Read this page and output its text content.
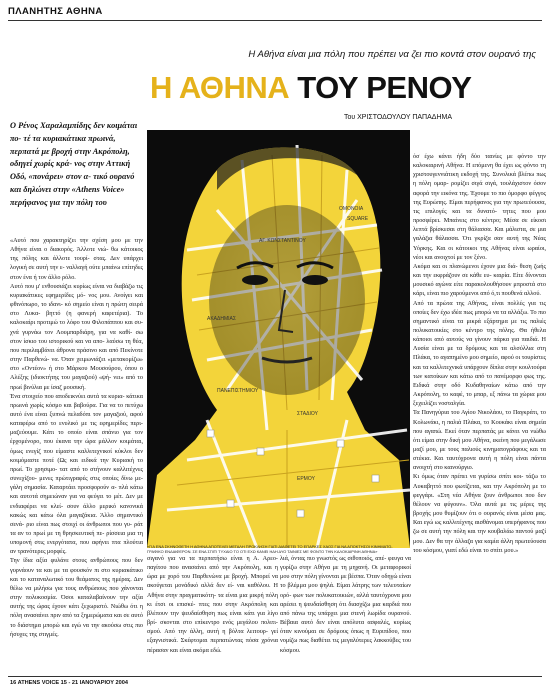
ΠΛΑΝΗΤΗΣ ΑΘΗΝΑ
Η Αθήνα είναι μια πόλη που πρέπει να ζει πιο κοντά στον ουρανό της
Η ΑΘΗΝΑ ΤΟΥ ΡΕΝΟΥ
Του ΧΡΙΣΤΟΔΟΥΛΟΥ ΠΑΠΑΔΗΜΑ
Ο Ρένος Χαραλαμπίδης δεν κοιμάται πο- τέ τα κυριακάτικα πρωινά, περπατά με βροχή στην Ακρόπολη, οδηγεί χωρίς κρά- νος στην Αττική Οδό, «πονάρει» στον α- τικό ουρανό και δηλώνει στην «Athens Voice» περήφανος για την πόλη του

«Αυτό που χαρακτηρίζει την σχέση μου με την Αθήνα είναι ο διακορός. Άλλοτε νιώ- θω κάτοικος της πόλης και άλλοτε τουρί- στας. Δεν υπάρχει λογική σε αυτή την ε- ναλλαγή ούτε μπαίνω επίτηδες στον ένα ή τον άλλο ρόλο.

Αυτό που μ' ενθουσιάζει κυρίως είναι να διαβάζω τις κυριακάτικες εφημερίδες μό- νος μου. Ανοίγει και φθινόπωρο, το ιδανι- κό σημείο είναι η πρώτη σειρά στο Λυκα- βηττό (η φανερή καφετέρια). Το καλοκαίρι προτιμώ το λόφο του Φιλοπάππου και συ- χνά γυρνάω τον Λουμπαρδιάρη, για να καθί- σω στον ίσκιο του ιστορικού και να απο- λαύσω τη θέα, που περιλαμβάνει άθρονα πράσινο και από Πεκίνοτε στην Παρθενώ- να. Όταν χειμωνιάζει «μετακομίζω» στο «Οντέον» ή στο Μάρκου Μουσούρου, όπου ο Αλέξης (ιδιοκτήτης του μαγαζιού) «ψή- νει» από το πρωί βινύλια με ίσαζ μουσική.

Ένα στοιχείο που αποδεικνύει αυτά τα κυρια- κάτικα πρωινά χωρίς κόσμο και βαβούρα. Για να το πετύχω αυτό ένα είναι ξυπνώ πελαδόπι τον μαγαζιού, αφού καταφέρω από το ενυλικό με τις εφημερίδες περι- μαζεύουμε. Κάτι το οποίο είναι σπάνιο για τον έρχομένορο, που έκανα την ώρα μάλλον κοιμάται, όμως ενεγίζ που είμαστε καλλιτεχνικοί κύκλοι δεν κοιμόμαστε ποτέ (Ως και ειδικά την Κυριακή το πρωί. Το χρησιμο- τατ από το στήνουν καλλιτέχνες συνεχίζου- μενες πρώτιγραφές στις οποίες δίνω με- γάλη σημασία. Καταρτάει προσφορούν α- πλά κάτω και αυτοτά σημειώναν για να φεύγει το μέτ. Δεν με ενδιαφέρει να κλεί- σουν άλλο μερικό κανονικά κακώς και κάτω όλα μαγαζάκια. Άλλο σημαντικό σενά- ριο είναι πως στοιχί οι άνθρωποι που γυ- ράτ τα αν το πρωί με τη θρησκευτική πε- ρίσσεια μια τη υπομονή στις ενεργότατα, που αφήνει πτα πλούτια αν τρανότερες μορφές.

Την ίδια αξία φυλάνε στους ανθρώπους που δεν γυρνάουν τα και με τα φουσκόν πι στο κυριακάτικο και το καταναλωτικό του θεάματος της ημέρας. Δεν θέλω να μιλήσω για τους ανθρώπους που χάνονται στην πολυκοσμία. Όσοι καταλαβαίνουν την αξία αυτής της ώρας έχουν κάτι ξεχωριστό. Νιώθω ότι η πόλη ανασαίνει πριν από τα ξημερώματα και σε αυτό το διάστημα μπορώ και εγώ να την ακούσω στις πιο ήσυχες της στιγμές.

ΑΓ. ΚΩΝΣΤΑΝΤΙΝΟΥ
ΑΚΑΔΗΜΙΑΣ
ΠΑΝΕΠΙΣΤΗΜΙΟΥ
ΣΤΑΔΙΟΥ
ΕΡΜΟΥ
ΟΜΟΝΟΙΑ
SQUARE
«ΓΙΑ ΕΝΑ ΣΚΗΝΟΘΕΤΗ Η ΑΘΗΝΑ ΑΠΟΤΕΛΕΙ ΜΕΓΑΛΗ ΠΡΟΚΛΗΣΗ ΓΙΑΤΙ ΔΙΑΘΕΤΕΙ ΤΟ ΕΠΑΡΚΕΣ ΧΑΟΣ ΓΙΑ ΝΑ ΑΠΟΚΤΗΣΟΙ ΚΙΝΗΜΑΤΟ- ΓΡΑΦΙΚΟ ΕΝΔΙΑΦΕΡΟΝ. ΣΕ ΕΝΑ ΣΠΙΤΙ ΤΥΧΑΙΟ ΤΟ ΟΤΙ ΕΧΩ ΚΑΝΕΙ ΗΔΗ ΔΥΟ ΤΑΙΝΙΕΣ ΜΕ ΦΟΝΤΟ ΤΗΝ ΚΑΛΟΚΑΙΡΙΝΗ ΑΘΗΝΑ»
σιγανό για να τα περπατήσω είναι η Α. Αρεο- παγίτου που ανασαίνει από την Ακρόπολη, και η ώρα με χορό του Παρθενώνα με βροχή. Μπορεί να ακούγεται μονάδικό αλλά δεν εί- ναι καθόλου. Η Αθήνα στην πραγματικότη- τα είναι μια μικρή πόλη κι έτσι οι επισκέ- πτες που στην Ακρόπολη και βλέπουν την ψευδαίσθηση πως είναι κάτι για λίγο βρί- σκονται στο επίκεντρο ενός μεγάλου πολιτι- σμού. Από την άλλη, αυτή η βόλτα λειτουρ- γεί εξαγνιστικά. Σκέφτομαι περπατώντας πόσα χρόνια πέρασαν και είναι ακόμα εδώ.
λιά, όντας πιο γνωστός ως σιθοποιός, απέ- φευγα να γυρίζω στην Αθήνα με τη μηχανή. Οι μεταφορικοί μου στην πόλη γίνονται με βέσπα. Όταν οδηγώ είναι το βλέμμα μου ψηλά. Είμαι λάτρης των τελευταίων ορό- φων των πολυκατοικιών, αλλά ταυτόχρονα μου αρέσει η ψευδαίσθηση ότι διασχίζω μια καρδιά που από πάνω της υπάρχει μια στενή λωρίδα ουρανού. Βέβαια αυτό δεν είναι απόλυτα ασφαλές, κυρίως όταν κινούμαι σε δρόμους όπως η Ευριπίδου, που νομίζω πως διαθέτει τις μεγαλύτερες λακκούβες του κόσμου.

όσ έχω κάνει ήδη δύο ταινίες με φόντο την καλοκαιρινή Αθήνα. Η επόμενη θα έχει ως φόντο τη χριστουγεννιάτικη εκδοχή της. Συνολικά βλέπω πως η πόλη ομαρ- ρομίζει σιγά σιγά, τουλάχιστον όσον αφορά την εικόνα της. Έχουμε το πιο όμορφο φέγγος της Ευρώπης. Είμαι περήφανος για την πρωτεύουσα, τις επιλογές και τα δυνατό- τητες που μου προσφέρει. Μπαίνεις στο κέντρο; Μέσα σε είκοσι λεπτά βρίσκεσαι στη θάλασσα. Και μάλιστα, σε μια γαλάζια θάλασσα. Ότι γκρίζα σαν αυτή της Νέας Υόρκης. Και οι κάτοικοι της Αθήνας είναι ωραίοι, νέοι και ανοιχτοί με τον ξένο.

Ακόμα και οι πλανώμενοι έχουν μια διά- θεση ζωής και την εκφράζουν σε κάθε ευ- καιρία. Είτε δίνονται μουσικό αγώνα είτε παρακολουθήσουν μπροστά στο κάρι, είναι πιο χαρούμενοι από ό,τι πουθενά αλλού.

Από τα πρώτα της Αθήνας, είναι πολλές για τις οποίες δεν έχω ιδέα πως μπορώ να τα αλλάξω. Το πιο σημαντικό είναι τα μικρά εξάρτημα με τις παλιές πολυκατοικίες στο κέντρο της πόλης. Θα ήθελα κάποιοι από αυτούς να γίνουν πάρκα για παιδιά. Η Λυσία είναι με τα δρόμους και τα αλσύλλια στη Πλάκα, το αγαπημένο μου σημείο, αφού οι τουρίστες και τα καλλιτεχνικά υπάρχουν δίπλα στην κουλτούρα των κατοίκων και κάτω από το πανέμορφο φως της. Ειδικά στην οδό Κυδαθηναίων κάτω από την Ακρόπολη, το καφέ, το μπαρ, εξ πάνω τα χώρια μου ξεχειλίζει νοσταλγία.

Τα Πανηγύρια του Αγίου Νικολάου, το Παγκράτι, το Κολωνάκι, η παλιά Πλάκα, το Κουκάκι είναι σημεία που αγαπώ. Εκεί όταν περπατάς με κάνει να νιώθω ότι είμαι στην δική μου Αθήνα, εκείνη που μεγάλωσε μαζί μου, με τους παλιούς κινηματογράφους και τα στέκια. Και ταυτόχρονα αυτή η πόλη είναι πάντα ανοιχτή στο καινούργιο.

Κι όμως όταν πρέπει να γυρίσω σπίτι κοι- τάζω το Λυκαβηττό που φωτίζεται, και την Ακρόπολη με το φεγγάρι. «Στη νέα Αθήνα ζουν άνθρωποι που δεν θέλουν να φύγουν». Όλα αυτά με τις μέρες της βροχής μου θυμίζουν ότι ο ουρανός είναι μέσα μας. Και εγώ ως καλλιτέχνης αισθάνομαι υπερήφανος που ζω σε αυτή την πόλη και την κουβαλάω παντού μαζί μου. Δεν θα την άλλαζα για καμία άλλη πρωτεύουσα του κόσμου, γιατί εδώ είναι το σπίτι μου.»

16 ATHENS VOICE 15 - 21 ΙΑΝΟΥΑΡΙΟΥ 2004
